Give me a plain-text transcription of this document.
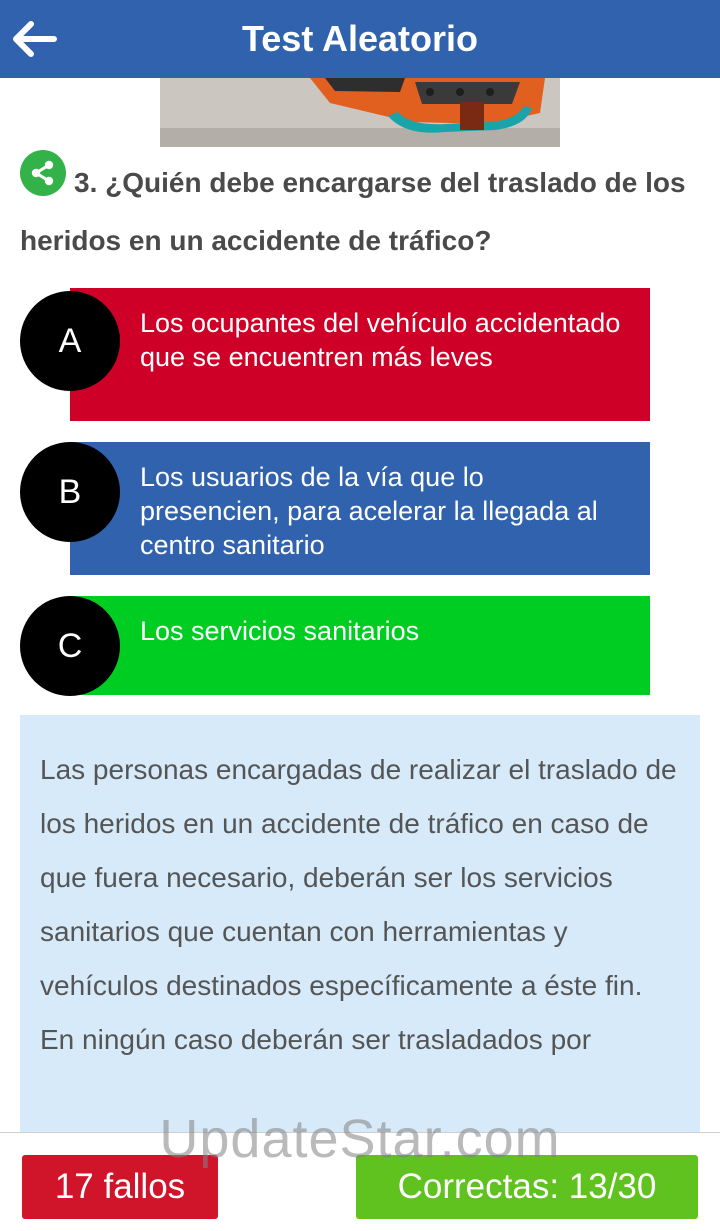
Test Aleatorio

3. ¿Quién debe encargarse del traslado de los heridos en un accidente de tráfico?

Los ocupantes del vehículo accidentado que se encuentren más leves
A
Los usuarios de la vía que lo presencien, para acelerar la llegada al centro sanitario
B
Los servicios sanitarios
C

Las personas encargadas de realizar el traslado de los heridos en un accidente de tráfico en caso de que fuera necesario, deberán ser los servicios sanitarios que cuentan con herramientas y vehículos destinados específicamente a éste fin. En ningún caso deberán ser trasladados por

UpdateStar.com
17 fallos	Correctas: 13/30
